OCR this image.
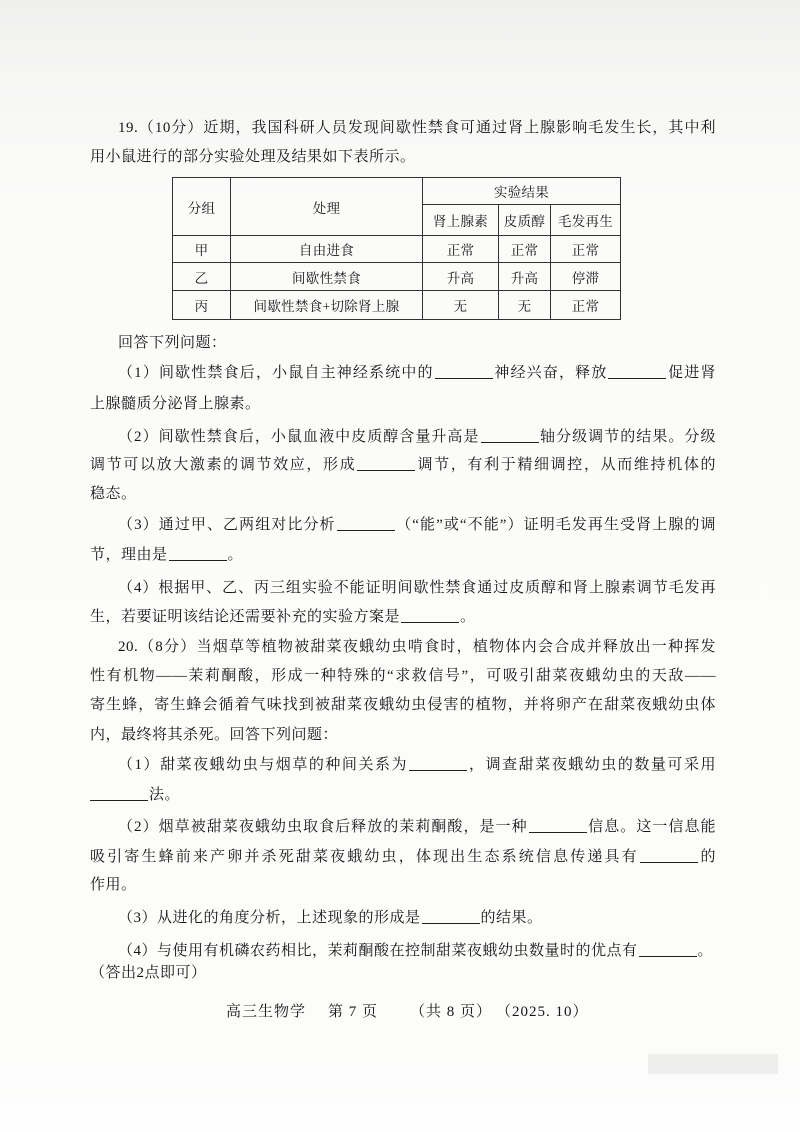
19.（10分）近期，我国科研人员发现间歇性禁食可通过肾上腺影响毛发生长，其中利
用小鼠进行的部分实验处理及结果如下表所示。
分组	处理	实验结果		
		肾上腺素	皮质醇	毛发再生
甲	自由进食	正常	正常	正常
乙	间歇性禁食	升高	升高	停滞
丙	间歇性禁食+切除肾上腺	无	无	正常
回答下列问题：
（1）间歇性禁食后，小鼠自主神经系统中的	神经兴奋，释放	促进肾
上腺髓质分泌肾上腺素。
（2）间歇性禁食后，小鼠血液中皮质醇含量升高是	轴分级调节的结果。分级
调节可以放大激素的调节效应，形成	调节，有利于精细调控，从而维持机体的
稳态。
（3）通过甲、乙两组对比分析	（“能”或“不能”）证明毛发再生受肾上腺的调
节，理由是	。
（4）根据甲、乙、丙三组实验不能证明间歇性禁食通过皮质醇和肾上腺素调节毛发再
生，若要证明该结论还需要补充的实验方案是	。
20.（8分）当烟草等植物被甜菜夜蛾幼虫啃食时，植物体内会合成并释放出一种挥发
性有机物——茉莉酮酸，形成一种特殊的“求救信号”，可吸引甜菜夜蛾幼虫的天敌——
寄生蜂，寄生蜂会循着气味找到被甜菜夜蛾幼虫侵害的植物，并将卵产在甜菜夜蛾幼虫体
内，最终将其杀死。回答下列问题：
（1）甜菜夜蛾幼虫与烟草的种间关系为	，调查甜菜夜蛾幼虫的数量可采用
法。
（2）烟草被甜菜夜蛾幼虫取食后释放的茉莉酮酸，是一种	信息。这一信息能
吸引寄生蜂前来产卵并杀死甜菜夜蛾幼虫，体现出生态系统信息传递具有	的
作用。
（3）从进化的角度分析，上述现象的形成是	的结果。
（4）与使用有机磷农药相比，茉莉酮酸在控制甜菜夜蛾幼虫数量时的优点有	。
（答出2点即可）
高三生物学 第 7 页 （共 8 页） （2025. 10）
